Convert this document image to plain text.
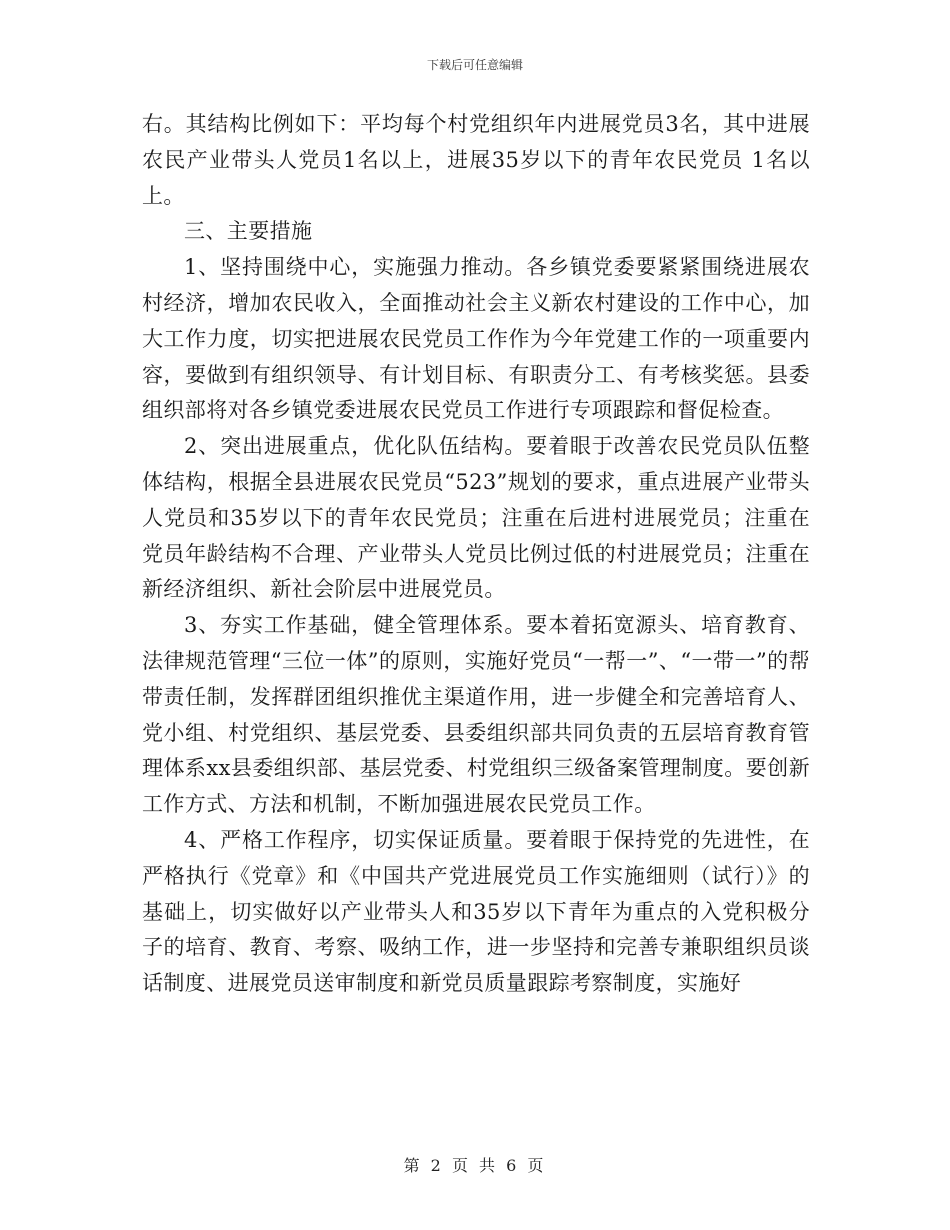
下载后可任意编辑

右。其结构比例如下：平均每个村党组织年内进展党员3名，其中进展农民产业带头人党员1名以上，进展35岁以下的青年农民党员 1名以上。

三、主要措施

1、坚持围绕中心，实施强力推动。各乡镇党委要紧紧围绕进展农村经济，增加农民收入，全面推动社会主义新农村建设的工作中心，加大工作力度，切实把进展农民党员工作作为今年党建工作的一项重要内容，要做到有组织领导、有计划目标、有职责分工、有考核奖惩。县委组织部将对各乡镇党委进展农民党员工作进行专项跟踪和督促检查。

2、突出进展重点，优化队伍结构。要着眼于改善农民党员队伍整体结构，根据全县进展农民党员“523”规划的要求，重点进展产业带头人党员和35岁以下的青年农民党员；注重在后进村进展党员；注重在党员年龄结构不合理、产业带头人党员比例过低的村进展党员；注重在新经济组织、新社会阶层中进展党员。

3、夯实工作基础，健全管理体系。要本着拓宽源头、培育教育、法律规范管理“三位一体”的原则，实施好党员“一帮一”、“一带一”的帮带责任制，发挥群团组织推优主渠道作用，进一步健全和完善培育人、党小组、村党组织、基层党委、县委组织部共同负责的五层培育教育管理体系xx县委组织部、基层党委、村党组织三级备案管理制度。要创新工作方式、方法和机制，不断加强进展农民党员工作。

4、严格工作程序，切实保证质量。要着眼于保持党的先进性，在严格执行《党章》和《中国共产党进展党员工作实施细则（试行）》的基础上，切实做好以产业带头人和35岁以下青年为重点的入党积极分子的培育、教育、考察、吸纳工作，进一步坚持和完善专兼职组织员谈话制度、进展党员送审制度和新党员质量跟踪考察制度，实施好

第 2 页 共 6 页
